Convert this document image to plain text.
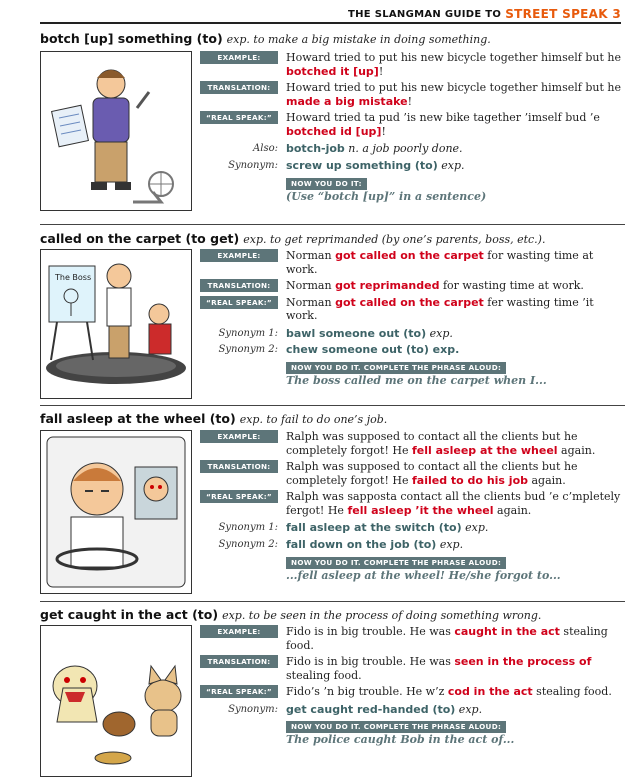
THE SLANGMAN GUIDE TO STREET SPEAK 3
botch [up] something (to) exp. to make a big mistake in doing something.
EXAMPLE:	Howard tried to put his new bicycle together himself but he botched it [up]!
TRANSLATION:	Howard tried to put his new bicycle together himself but he made a big mistake!
“REAL SPEAK:”	Howard tried ta pud ’is new bike tagether ’imself bud ’e botched id [up]!
Also: botch-job n. a job poorly done.
Synonym: screw up something (to) exp.
NOW YOU DO IT:
(Use “botch [up]” in a sentence)
called on the carpet (to get) exp. to get reprimanded (by one’s parents, boss, etc.).
The Boss
EXAMPLE:	Norman got called on the carpet for wasting time at work.
TRANSLATION:	Norman got reprimanded for wasting time at work.
“REAL SPEAK:”	Norman got called on the carpet fer wasting time ’it work.
Synonym 1: bawl someone out (to) exp.
Synonym 2: chew someone out (to) exp.
NOW YOU DO IT. COMPLETE THE PHRASE ALOUD:
The boss called me on the carpet when I...
fall asleep at the wheel (to) exp. to fail to do one’s job.
EXAMPLE:	Ralph was supposed to contact all the clients but he completely forgot! He fell asleep at the wheel again.
TRANSLATION:	Ralph was supposed to contact all the clients but he completely forgot! He failed to do his job again.
“REAL SPEAK:”	Ralph was sapposta contact all the clients bud ’e c’mpletely fergot! He fell asleep ’it the wheel again.
Synonym 1: fall asleep at the switch (to) exp.
Synonym 2: fall down on the job (to) exp.
NOW YOU DO IT. COMPLETE THE PHRASE ALOUD:
...fell asleep at the wheel! He/she forgot to...
get caught in the act (to) exp. to be seen in the process of doing something wrong.
EXAMPLE:	Fido is in big trouble. He was caught in the act stealing food.
TRANSLATION:	Fido is in big trouble. He was seen in the process of stealing food.
“REAL SPEAK:”	Fido’s ’n big trouble. He w’z cod in the act stealing food.
Synonym: get caught red-handed (to) exp.
NOW YOU DO IT. COMPLETE THE PHRASE ALOUD:
The police caught Bob in the act of...
